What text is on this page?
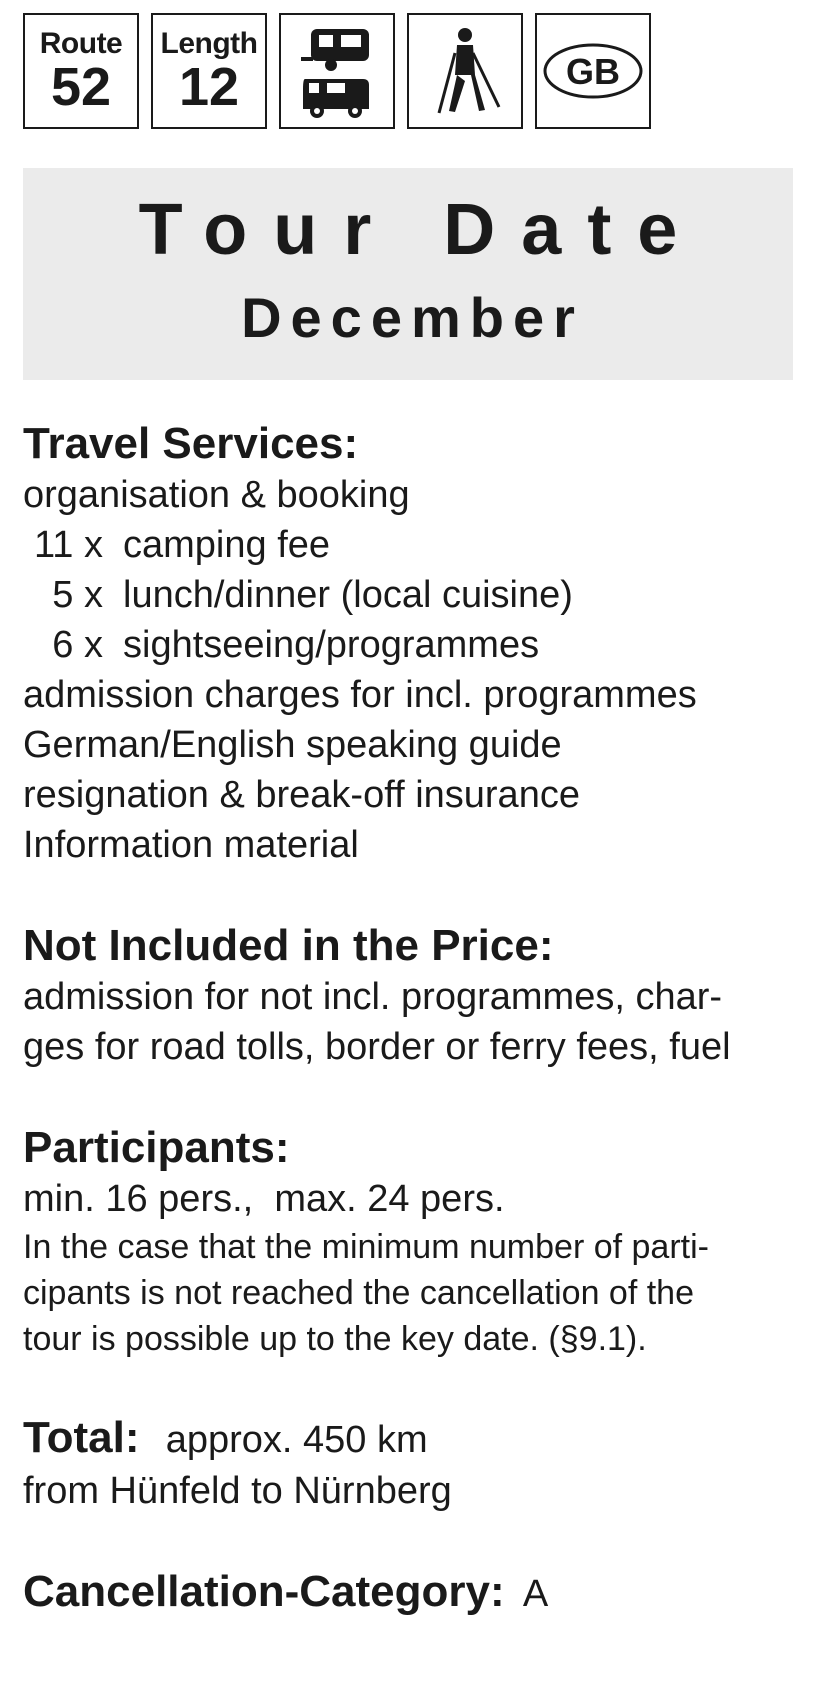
Route
52
Length
12	GB
Tour Date
December
Travel Services:
organisation & booking
11 x camping fee
5 x lunch/dinner (local cuisine)
6 x sightseeing/programmes
admission charges for incl. programmes
German/English speaking guide
resignation & break-off insurance
Information material
Not Included in the Price:
admission for not incl. programmes, char-
ges for road tolls, border or ferry fees, fuel
Participants:
min. 16 pers.,  max. 24 pers.
In the case that the minimum number of parti-
cipants is not reached the cancellation of the
tour is possible up to the key date. (§9.1).
Total: approx. 450 km
from Hünfeld to Nürnberg
Cancellation-Category: A
